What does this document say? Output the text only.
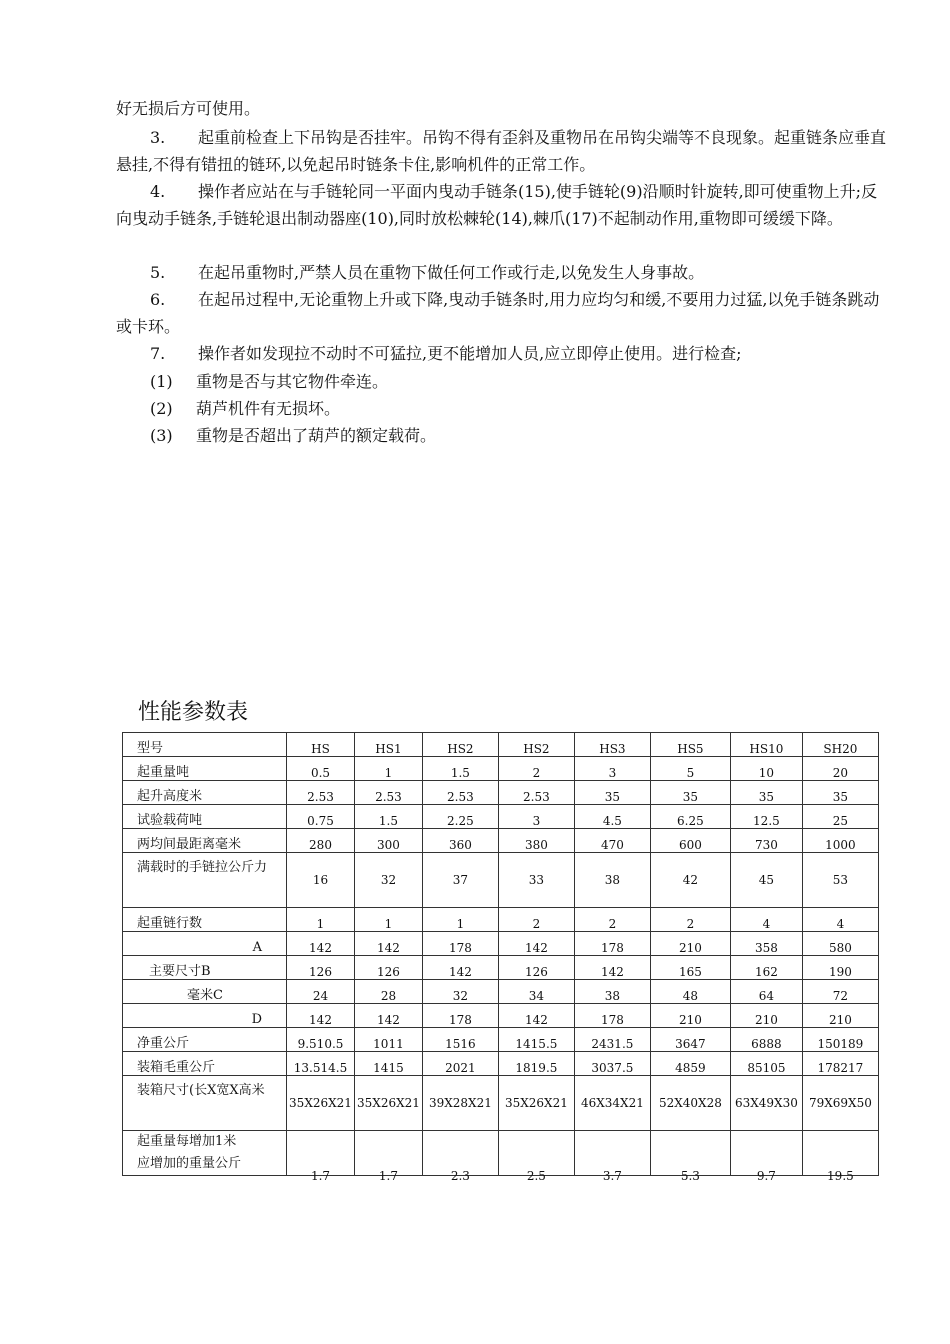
好无损后方可使用。

3. 起重前检查上下吊钩是否挂牢。吊钩不得有歪斜及重物吊在吊钩尖端等不良现象。起重链条应垂直悬挂,不得有错扭的链环,以免起吊时链条卡住,影响机件的正常工作。

4. 操作者应站在与手链轮同一平面内曳动手链条(15),使手链轮(9)沿顺时针旋转,即可使重物上升;反向曳动手链条,手链轮退出制动器座(10),同时放松棘轮(14),棘爪(17)不起制动作用,重物即可缓缓下降。

5. 在起吊重物时,严禁人员在重物下做任何工作或行走,以免发生人身事故。

6. 在起吊过程中,无论重物上升或下降,曳动手链条时,用力应均匀和缓,不要用力过猛,以免手链条跳动或卡环。

7. 操作者如发现拉不动时不可猛拉,更不能增加人员,应立即停止使用。进行检查;

(1) 重物是否与其它物件牵连。
(2) 葫芦机件有无损坏。
(3) 重物是否超出了葫芦的额定载荷。
性能参数表
型号	HS	HS1	HS2	HS2	HS3	HS5	HS10	SH20
起重量吨	0.5	1	1.5	2	3	5	10	20
起升高度米	2.53	2.53	2.53	2.53	35	35	35	35
试验载荷吨	0.75	1.5	2.25	3	4.5	6.25	12.5	25
两均间最距离毫米	280	300	360	380	470	600	730	1000
满载时的手链拉公斤力	16	32	37	33	38	42	45	53
起重链行数	1	1	1	2	2	2	4	4
A	142	142	178	142	178	210	358	580
主要尺寸B	126	126	142	126	142	165	162	190
毫米C	24	28	32	34	38	48	64	72
D	142	142	178	142	178	210	210	210
净重公斤	9.510.5	1011	1516	1415.5	2431.5	3647	6888	150189
装箱毛重公斤	13.514.5	1415	2021	1819.5	3037.5	4859	85105	178217
装箱尺寸(长X宽X高米	35X26X21	35X26X21	39X28X21	35X26X21	46X34X21	52X40X28	63X49X30	79X69X50

起重量每增加1米
应增加的重量公斤	1.7	1.7	2.3	2.5	3.7	5.3	9.7	19.5
